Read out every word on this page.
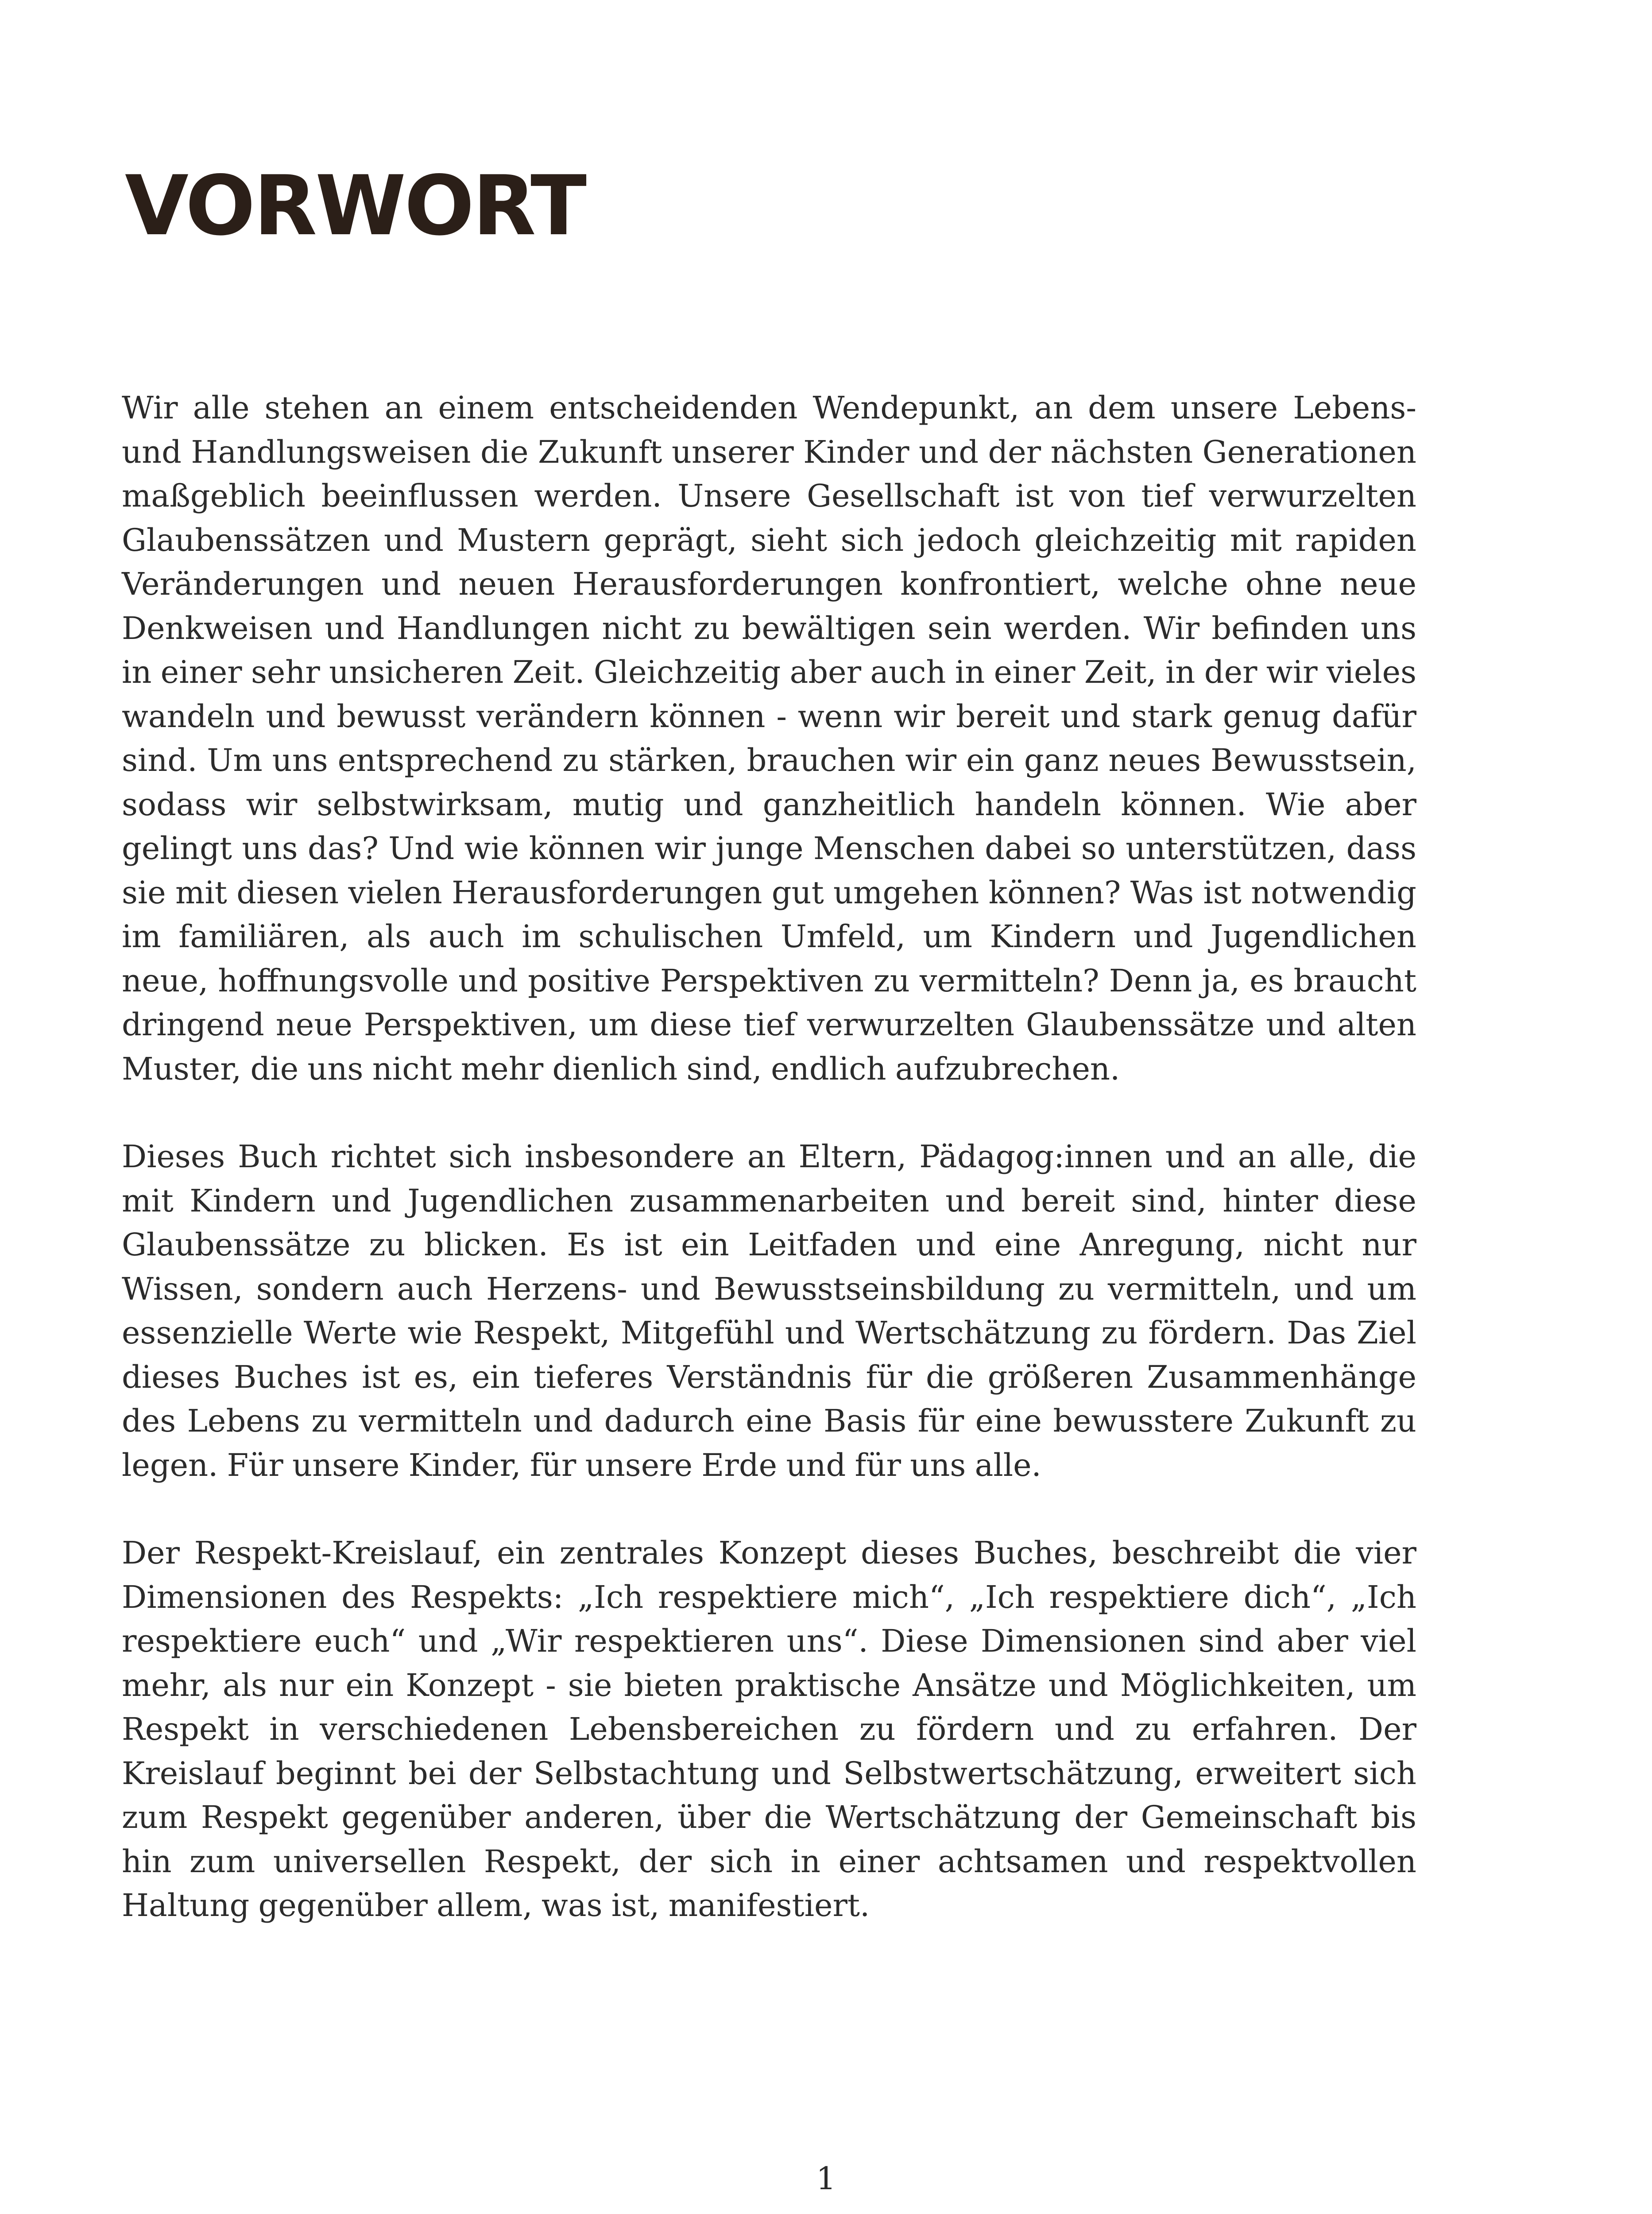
VORWORT

Wir alle stehen an einem entscheidenden Wendepunkt, an dem unsere Lebens- und Handlungsweisen die Zukunft unserer Kinder und der nächsten Generationen maßgeblich beeinflussen werden. Unsere Gesellschaft ist von tief verwurzelten Glaubenssätzen und Mustern geprägt, sieht sich jedoch gleichzeitig mit rapiden Veränderungen und neuen Herausforderungen konfrontiert, welche ohne neue Denkweisen und Handlungen nicht zu bewältigen sein werden. Wir befinden uns in einer sehr unsicheren Zeit. Gleichzeitig aber auch in einer Zeit, in der wir vieles wandeln und bewusst verändern können - wenn wir bereit und stark genug dafür sind. Um uns entsprechend zu stärken, brauchen wir ein ganz neues Bewusstsein, sodass wir selbstwirksam, mutig und ganzheitlich handeln können. Wie aber gelingt uns das? Und wie können wir junge Menschen dabei so unterstützen, dass sie mit diesen vielen Herausforderungen gut umgehen können? Was ist notwendig im familiären, als auch im schulischen Umfeld, um Kindern und Jugendlichen neue, hoffnungsvolle und positive Perspektiven zu vermitteln? Denn ja, es braucht dringend neue Perspektiven, um diese tief verwurzelten Glaubenssätze und alten Muster, die uns nicht mehr dienlich sind, endlich aufzubrechen.

Dieses Buch richtet sich insbesondere an Eltern, Pädagog:innen und an alle, die mit Kindern und Jugendlichen zusammenarbeiten und bereit sind, hinter diese Glaubenssätze zu blicken. Es ist ein Leitfaden und eine Anregung, nicht nur Wissen, sondern auch Herzens- und Bewusstseinsbildung zu vermitteln, und um essenzielle Werte wie Respekt, Mitgefühl und Wertschätzung zu fördern. Das Ziel dieses Buches ist es, ein tieferes Verständnis für die größeren Zusammenhänge des Lebens zu vermitteln und dadurch eine Basis für eine bewusstere Zukunft zu legen. Für unsere Kinder, für unsere Erde und für uns alle.

Der Respekt-Kreislauf, ein zentrales Konzept dieses Buches, beschreibt die vier Dimensionen des Respekts: „Ich respektiere mich“, „Ich respektiere dich“, „Ich respektiere euch“ und „Wir respektieren uns“. Diese Dimensionen sind aber viel mehr, als nur ein Konzept - sie bieten praktische Ansätze und Möglichkeiten, um Respekt in verschiedenen Lebensbereichen zu fördern und zu erfahren. Der Kreislauf beginnt bei der Selbstachtung und Selbstwertschätzung, erweitert sich zum Respekt gegenüber anderen, über die Wertschätzung der Gemeinschaft bis hin zum universellen Respekt, der sich in einer achtsamen und respektvollen Haltung gegenüber allem, was ist, manifestiert.

1
